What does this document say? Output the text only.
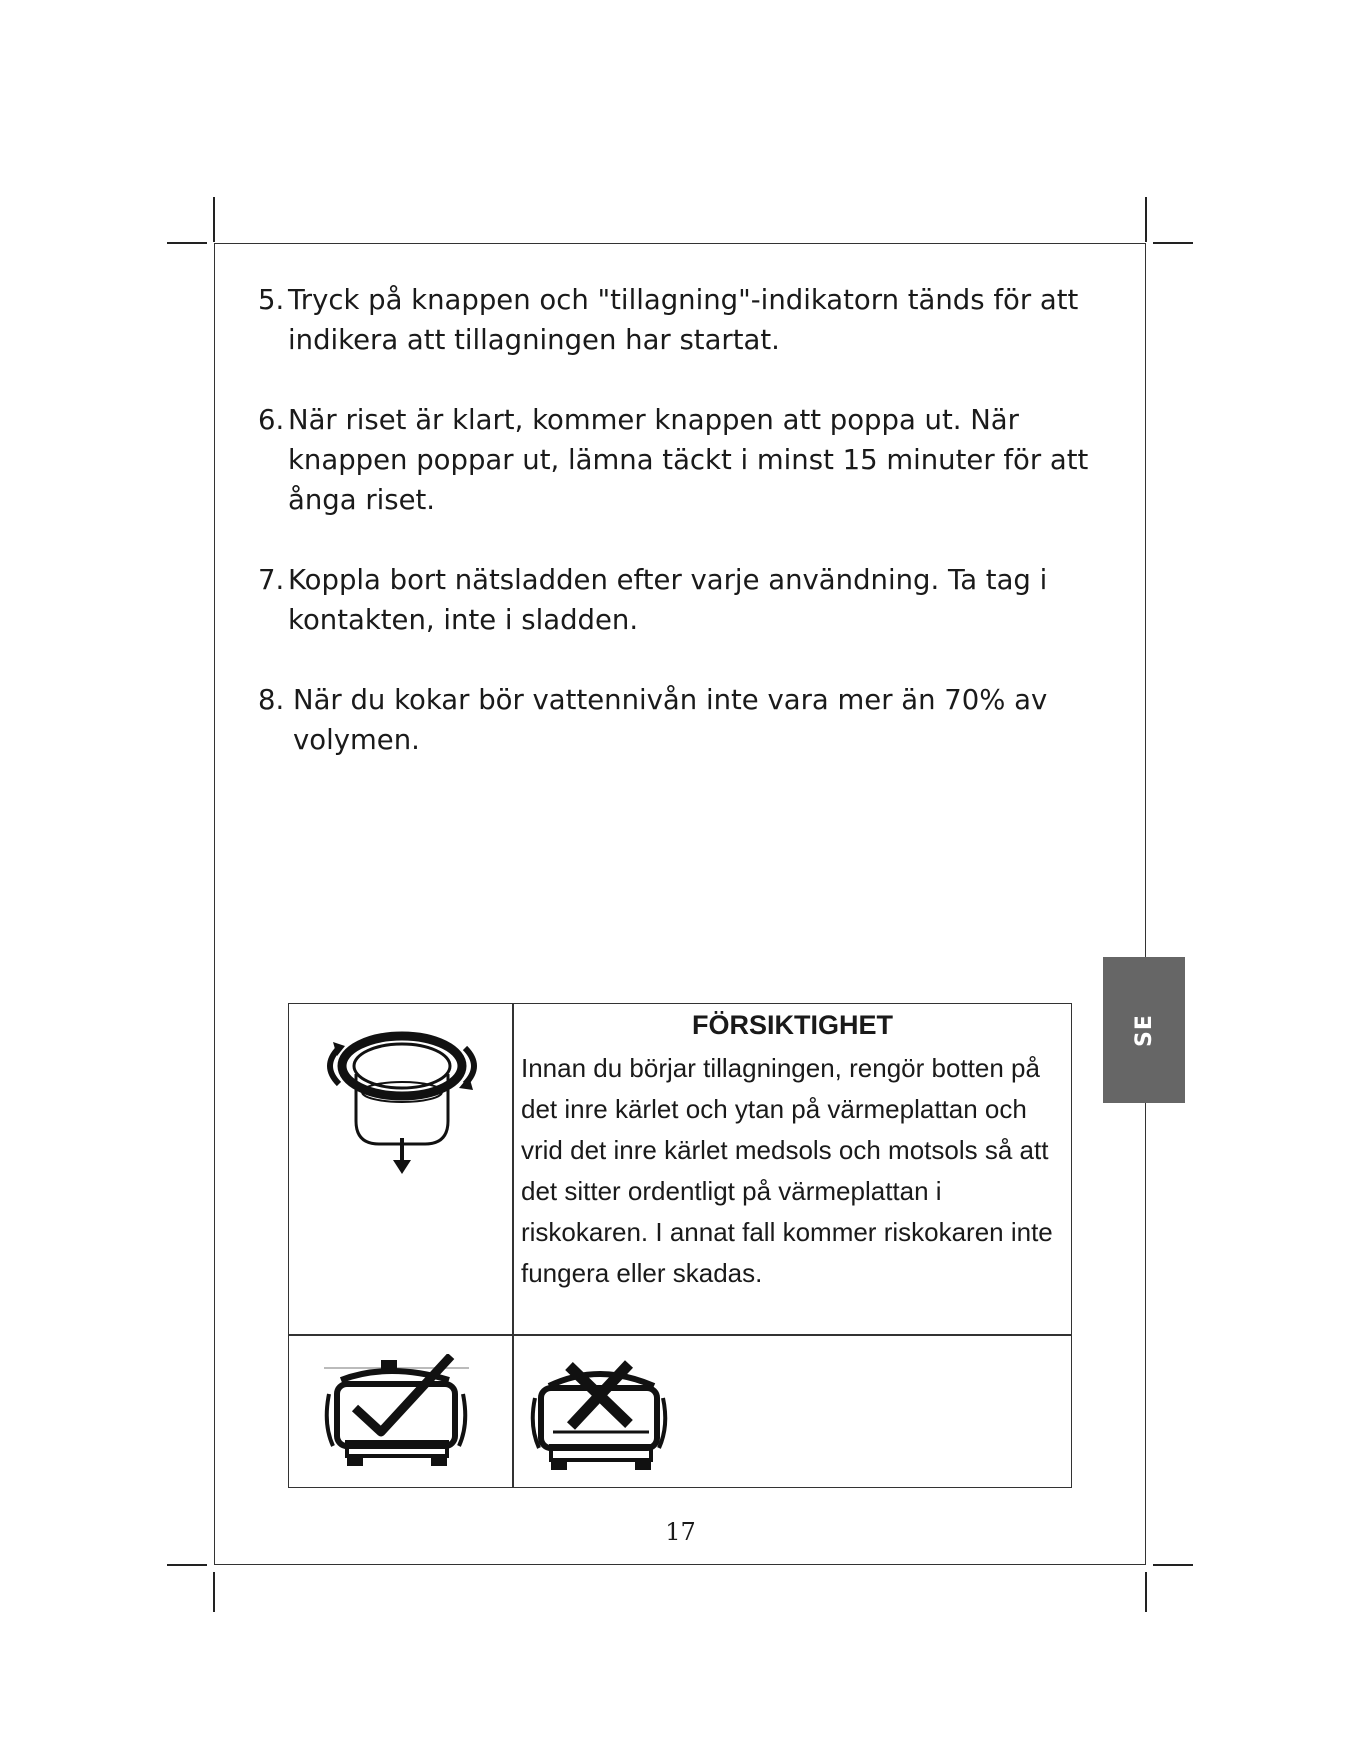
5. Tryck på knappen och "tillagning"-indikatorn tänds för att indikera att tillagningen har startat.
6. När riset är klart, kommer knappen att poppa ut. När knappen poppar ut, lämna täckt i minst 15 minuter för att ånga riset.
7. Koppla bort nätsladden efter varje användning. Ta tag i kontakten, inte i sladden.
8. När du kokar bör vattennivån inte vara mer än 70% av volymen.
FÖRSIKTIGHET
Innan du börjar tillagningen, rengör botten på det inre kärlet och ytan på värmeplattan och vrid det inre kärlet medsols och motsols så att det sitter ordentligt på värmeplattan i riskokaren. I annat fall kommer riskokaren inte fungera eller skadas.
SE
17
